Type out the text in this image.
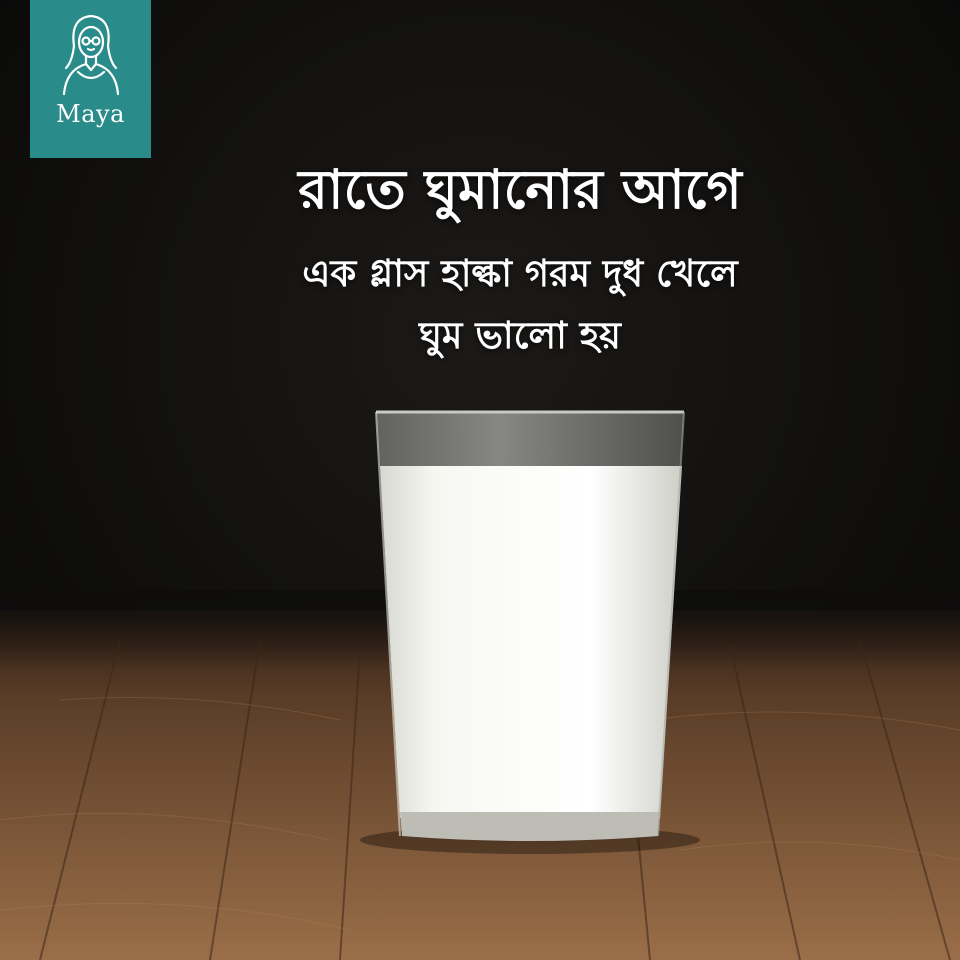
Maya
রাতে ঘুমানোর আগে
এক গ্লাস হাল্কা গরম দুধ খেলে
ঘুম ভালো হয়
